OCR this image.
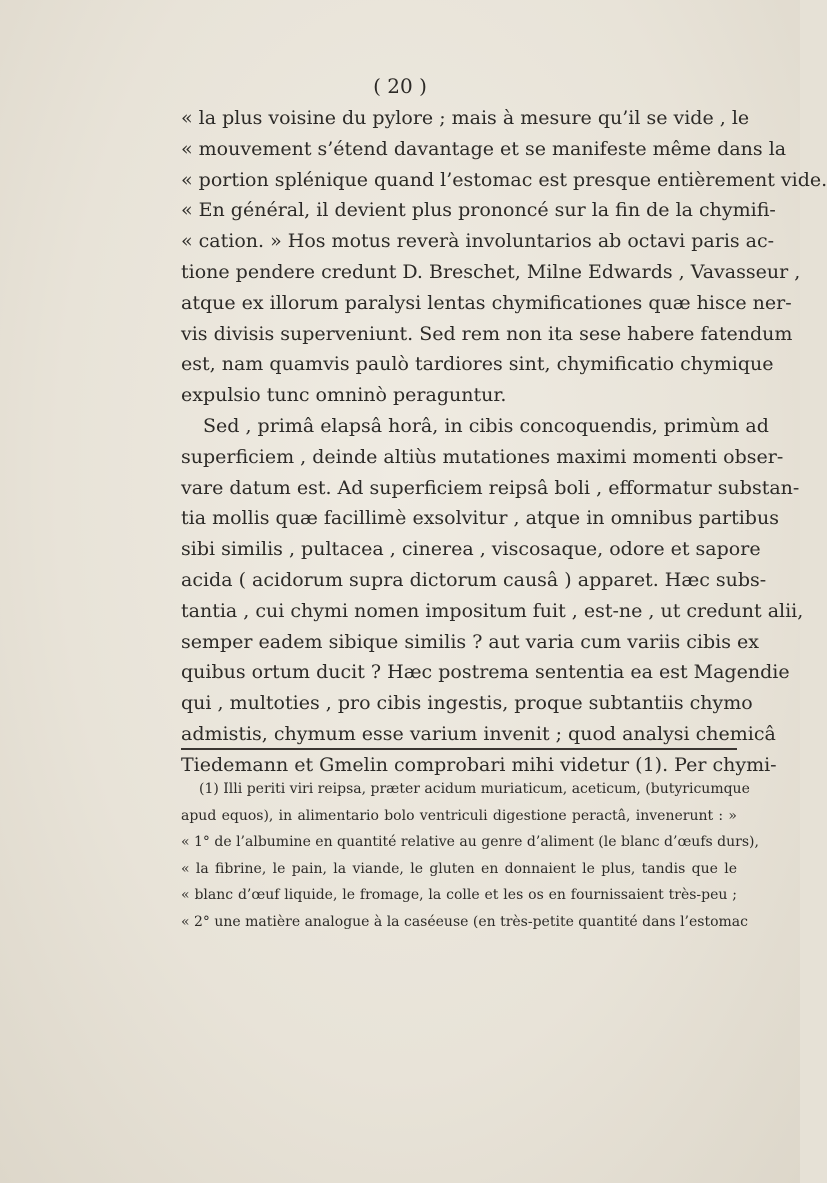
( 20 )
« la plus voisine du pylore ; mais à mesure qu’il se vide , le
« mouvement s’étend davantage et se manifeste même dans la
« portion splénique quand l’estomac est presque entièrement vide.
« En général, il devient plus prononcé sur la fin de la chymifi-
« cation. » Hos motus reverà involuntarios ab octavi paris ac-
tione pendere credunt D. Breschet, Milne Edwards , Vavasseur ,
atque ex illorum paralysi lentas chymificationes quæ hisce ner-
vis divisis superveniunt. Sed rem non ita sese habere fatendum
est, nam quamvis paulò tardiores sint, chymificatio chymique
expulsio tunc omninò peraguntur.
Sed , primâ elapsâ horâ, in cibis concoquendis, primùm ad
superficiem , deinde altiùs mutationes maximi momenti obser-
vare datum est. Ad superficiem reipsâ boli , efformatur substan-
tia mollis quæ facillimè exsolvitur , atque in omnibus partibus
sibi similis , pultacea , cinerea , viscosaque, odore et sapore
acida ( acidorum supra dictorum causâ ) apparet. Hæc subs-
tantia , cui chymi nomen impositum fuit , est-ne , ut credunt alii,
semper eadem sibique similis ? aut varia cum variis cibis ex
quibus ortum ducit ? Hæc postrema sententia ea est Magendie
qui , multoties , pro cibis ingestis, proque subtantiis chymo
admistis, chymum esse varium invenit ; quod analysi chemicâ
Tiedemann et Gmelin comprobari mihi videtur (1). Per chymi-
(1) Illi periti viri reipsa, præter acidum muriaticum, aceticum, (butyricumque
apud equos), in alimentario bolo ventriculi digestione peractâ, invenerunt : »
« 1° de l’albumine en quantité relative au genre d’aliment (le blanc d’œufs durs),
« la fibrine, le pain, la viande, le gluten en donnaient le plus, tandis que le
« blanc d’œuf liquide, le fromage, la colle et les os en fournissaient très-peu ;
« 2° une matière analogue à la caséeuse (en très-petite quantité dans l’estomac
